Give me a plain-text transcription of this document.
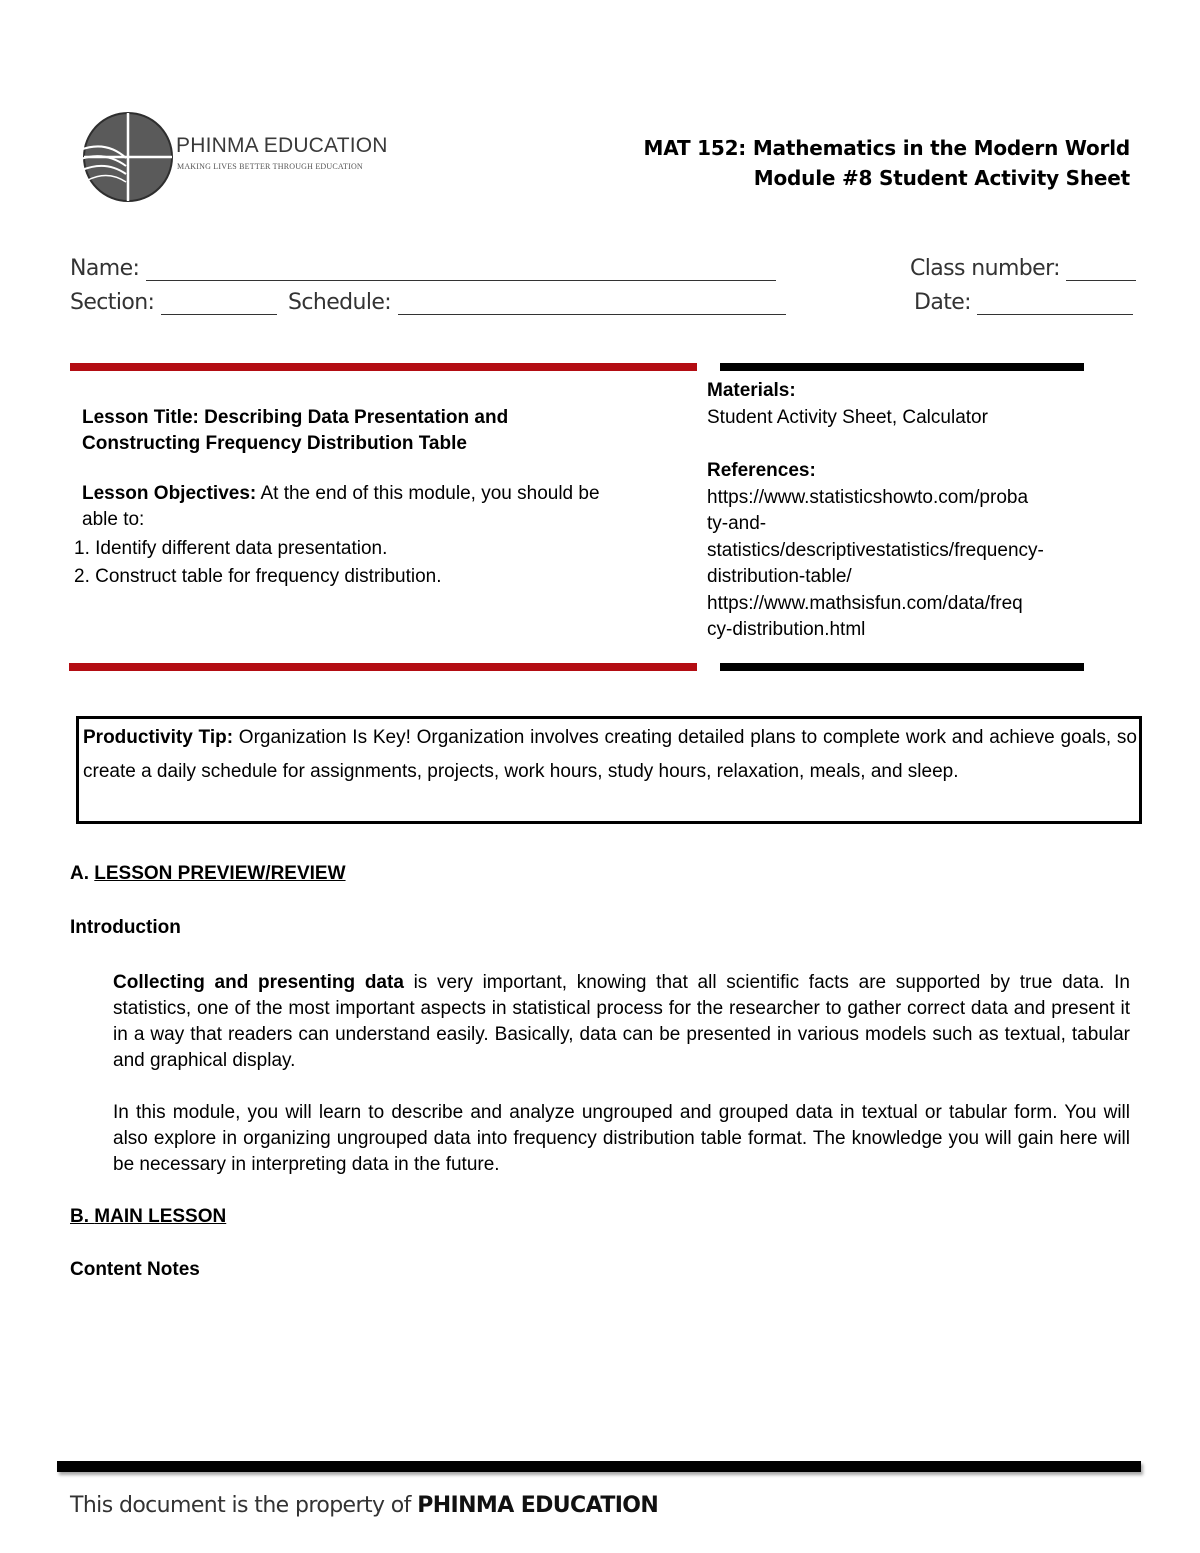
PHINMA EDUCATION
MAKING LIVES BETTER THROUGH EDUCATION
MAT 152: Mathematics in the Modern World
Module #8 Student Activity Sheet
Name:	Class number:
Section:	Schedule:	Date:
Lesson Title: Describing Data Presentation and
Constructing Frequency Distribution Table
Lesson Objectives: At the end of this module, you should be
able to:
1. Identify different data presentation.
2. Construct table for frequency distribution.
Materials:
Student Activity Sheet, Calculator
References:
https://www.statisticshowto.com/proba
ty-and-
statistics/descriptivestatistics/frequency-
distribution-table/
https://www.mathsisfun.com/data/freq
cy-distribution.html
Productivity Tip: Organization Is Key! Organization involves creating detailed plans to complete work and achieve goals, so create a daily schedule for assignments, projects, work hours, study hours, relaxation, meals, and sleep.
A. LESSON PREVIEW/REVIEW
Introduction
Collecting and presenting data is very important, knowing that all scientific facts are supported by true data. In statistics, one of the most important aspects in statistical process for the researcher to gather correct data and present it in a way that readers can understand easily. Basically, data can be presented in various models such as textual, tabular and graphical display.
In this module, you will learn to describe and analyze ungrouped and grouped data in textual or tabular form. You will also explore in organizing ungrouped data into frequency distribution table format. The knowledge you will gain here will be necessary in interpreting data in the future.
B. MAIN LESSON
Content Notes
This document is the property of PHINMA EDUCATION
